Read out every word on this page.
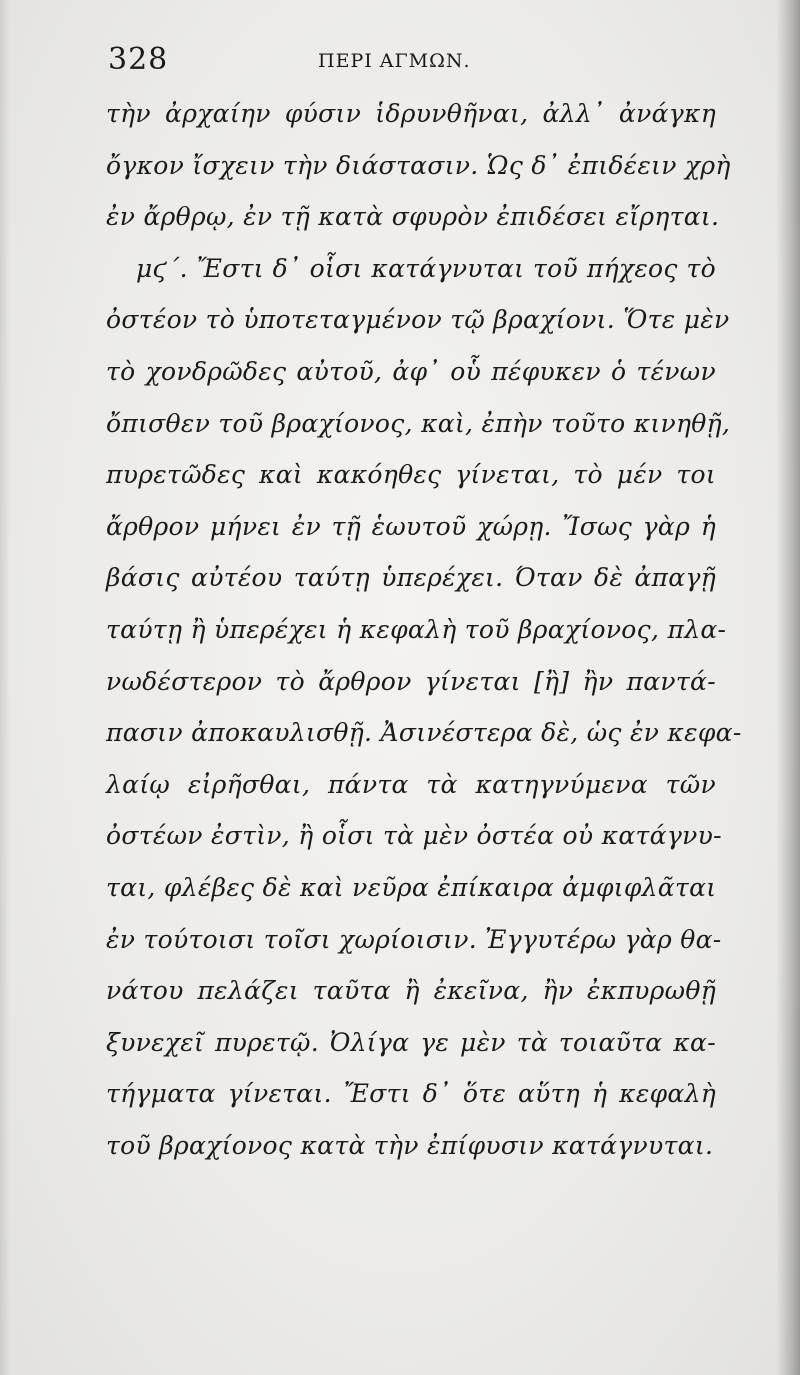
328	ΠΕΡΙ ΑΓΜΩΝ.
τὴν ἀρχαίην φύσιν ἱδρυνθῆναι, ἀλλ᾽ ἀνάγκη
ὄγκον ἴσχειν τὴν διάστασιν. Ὡς δ᾽ ἐπιδέειν χρὴ
ἐν ἄρθρῳ, ἐν τῇ κατὰ σφυρὸν ἐπιδέσει εἴρηται.
μϛ΄. Ἔστι δ᾽ οἷσι κατάγνυται τοῦ πήχεος τὸ
ὀστέον τὸ ὑποτεταγμένον τῷ βραχίονι. Ὅτε μὲν
τὸ χονδρῶδες αὐτοῦ, ἀφ᾽ οὗ πέφυκεν ὁ τένων
ὄπισθεν τοῦ βραχίονος, καὶ, ἐπὴν τοῦτο κινηθῇ,
πυρετῶδες καὶ κακόηθες γίνεται, τὸ μέν τοι
ἄρθρον μήνει ἐν τῇ ἑωυτοῦ χώρῃ. Ἴσως γὰρ ἡ
βάσις αὐτέου ταύτῃ ὑπερέχει. Όταν δὲ ἀπαγῇ
ταύτῃ ἢ ὑπερέχει ἡ κεφαλὴ τοῦ βραχίονος, πλα-
νωδέστερον τὸ ἄρθρον γίνεται [ἢ] ἢν παντά-
πασιν ἀποκαυλισθῇ. Ἀσινέστερα δὲ, ὡς ἐν κεφα-
λαίῳ εἰρῆσθαι, πάντα τὰ κατηγνύμενα τῶν
ὀστέων ἐστὶν, ἢ οἷσι τὰ μὲν ὀστέα οὐ κατάγνυ-
ται, φλέβες δὲ καὶ νεῦρα ἐπίκαιρα ἀμφιφλᾶται
ἐν τούτοισι τοῖσι χωρίοισιν. Ἐγγυτέρω γὰρ θα-
νάτου πελάζει ταῦτα ἢ ἐκεῖνα, ἢν ἐκπυρωθῇ
ξυνεχεῖ πυρετῷ. Ὀλίγα γε μὲν τὰ τοιαῦτα κα-
τήγματα γίνεται. Ἔστι δ᾽ ὅτε αὕτη ἡ κεφαλὴ
τοῦ βραχίονος κατὰ τὴν ἐπίφυσιν κατάγνυται.
